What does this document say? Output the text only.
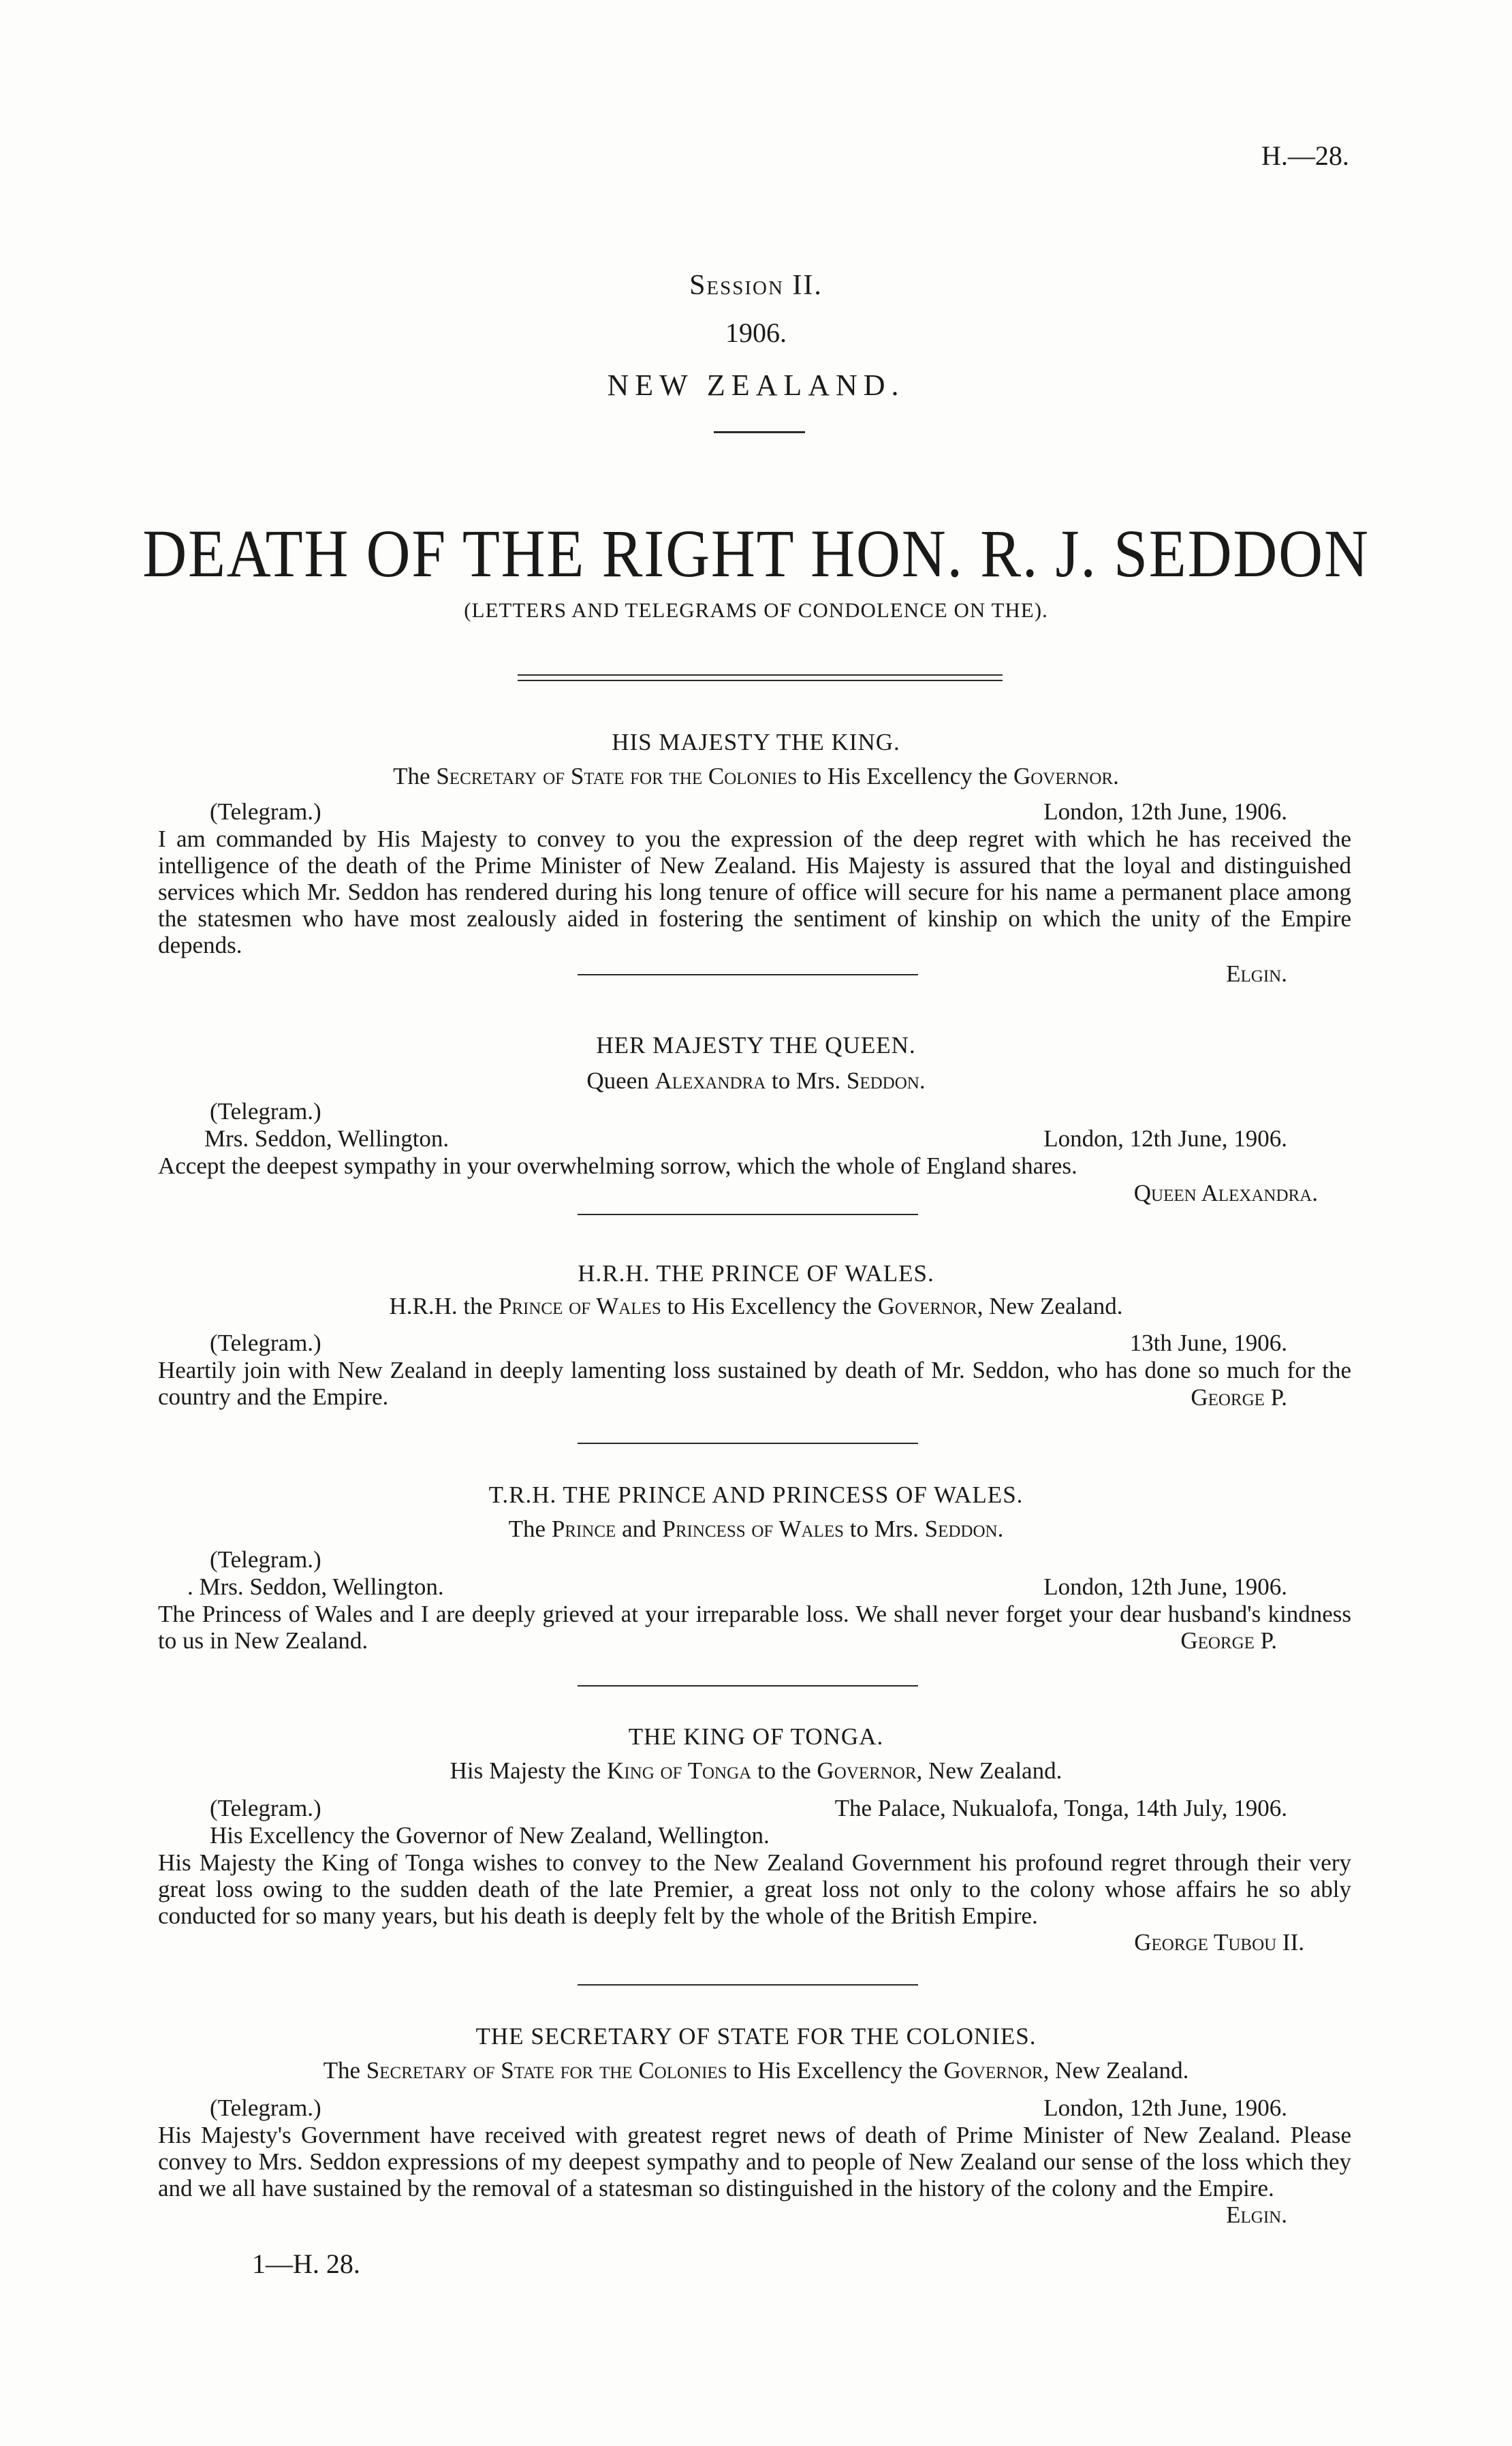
H.—28.
Session II.
1906.
NEW ZEALAND.
DEATH OF THE RIGHT HON. R. J. SEDDON
(LETTERS AND TELEGRAMS OF CONDOLENCE ON THE).
HIS MAJESTY THE KING.
The Secretary of State for the Colonies to His Excellency the Governor.
(Telegram.)	London, 12th June, 1906.
I am commanded by His Majesty to convey to you the expression of the deep regret with which he has received the intelligence of the death of the Prime Minister of New Zealand. His Majesty is assured that the loyal and distinguished services which Mr. Seddon has rendered during his long tenure of office will secure for his name a permanent place among the statesmen who have most zealously aided in fostering the sentiment of kinship on which the unity of the Empire depends.
Elgin.
HER MAJESTY THE QUEEN.
Queen Alexandra to Mrs. Seddon.
(Telegram.)
Mrs. Seddon, Wellington.	London, 12th June, 1906.
Accept the deepest sympathy in your overwhelming sorrow, which the whole of England shares.
Queen Alexandra.
H.R.H. THE PRINCE OF WALES.
H.R.H. the Prince of Wales to His Excellency the Governor, New Zealand.
(Telegram.)	13th June, 1906.
Heartily join with New Zealand in deeply lamenting loss sustained by death of Mr. Seddon, who has done so much for the country and the Empire.	George P.
T.R.H. THE PRINCE AND PRINCESS OF WALES.
The Prince and Princess of Wales to Mrs. Seddon.
(Telegram.)
. Mrs. Seddon, Wellington.	London, 12th June, 1906.
The Princess of Wales and I are deeply grieved at your irreparable loss. We shall never forget your dear husband's kindness to us in New Zealand.	George P.
THE KING OF TONGA.
His Majesty the King of Tonga to the Governor, New Zealand.
(Telegram.)	The Palace, Nukualofa, Tonga, 14th July, 1906.
His Excellency the Governor of New Zealand, Wellington.
His Majesty the King of Tonga wishes to convey to the New Zealand Government his profound regret through their very great loss owing to the sudden death of the late Premier, a great loss not only to the colony whose affairs he so ably conducted for so many years, but his death is deeply felt by the whole of the British Empire.
George Tubou II.
THE SECRETARY OF STATE FOR THE COLONIES.
The Secretary of State for the Colonies to His Excellency the Governor, New Zealand.
(Telegram.)	London, 12th June, 1906.
His Majesty's Government have received with greatest regret news of death of Prime Minister of New Zealand. Please convey to Mrs. Seddon expressions of my deepest sympathy and to people of New Zealand our sense of the loss which they and we all have sustained by the removal of a statesman so distinguished in the history of the colony and the Empire.
Elgin.
1—H. 28.
